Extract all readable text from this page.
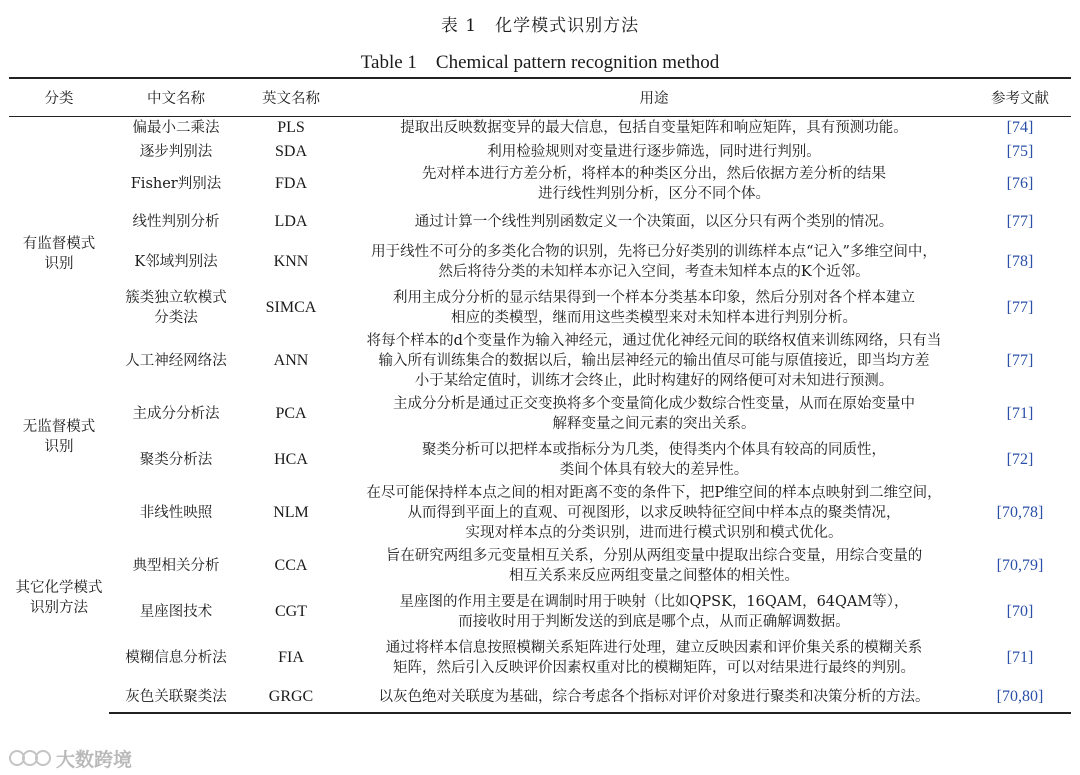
表 1　化学模式识别方法
Table 1　Chemical pattern recognition method
分类	中文名称	英文名称	用途	参考文献

有监督模式
识别	偏最小二乘法	PLS	提取出反映数据变异的最大信息，包括自变量矩阵和响应矩阵，具有预测功能。	[74]

	逐步判别法	SDA	利用检验规则对变量进行逐步筛选，同时进行判别。	[75]

	Fisher判别法	FDA	先对样本进行方差分析，将样本的种类区分出，然后依据方差分析的结果
进行线性判别分析，区分不同个体。	[76]

	线性判别分析	LDA	通过计算一个线性判别函数定义一个决策面，以区分只有两个类别的情况。	[77]

	K邻域判别法	KNN	用于线性不可分的多类化合物的识别，先将已分好类别的训练样本点“记入”多维空间中，
然后将待分类的未知样本亦记入空间，考查未知样本点的K个近邻。	[78]

	簇类独立软模式
分类法	SIMCA	利用主成分分析的显示结果得到一个样本分类基本印象，然后分别对各个样本建立
相应的类模型，继而用这些类模型来对未知样本进行判别分析。	[77]

	人工神经网络法	ANN	将每个样本的d个变量作为输入神经元，通过优化神经元间的联络权值来训练网络，只有当
输入所有训练集合的数据以后，输出层神经元的输出值尽可能与原值接近，即当均方差
小于某给定值时，训练才会终止，此时构建好的网络便可对未知进行预测。	[77]

无监督模式
识别	主成分分析法	PCA	主成分分析是通过正交变换将多个变量简化成少数综合性变量，从而在原始变量中
解释变量之间元素的突出关系。	[71]

	聚类分析法	HCA	聚类分析可以把样本或指标分为几类，使得类内个体具有较高的同质性，
类间个体具有较大的差异性。	[72]

其它化学模式
识别方法	非线性映照	NLM	在尽可能保持样本点之间的相对距离不变的条件下，把P维空间的样本点映射到二维空间，
从而得到平面上的直观、可视图形，以求反映特征空间中样本点的聚类情况，
实现对样本点的分类识别，进而进行模式识别和模式优化。	[70,78]

	典型相关分析	CCA	旨在研究两组多元变量相互关系，分别从两组变量中提取出综合变量，用综合变量的
相互关系来反应两组变量之间整体的相关性。	[70,79]

	星座图技术	CGT	星座图的作用主要是在调制时用于映射（比如QPSK，16QAM，64QAM等），
而接收时用于判断发送的到底是哪个点，从而正确解调数据。	[70]

	模糊信息分析法	FIA	通过将样本信息按照模糊关系矩阵进行处理，建立反映因素和评价集关系的模糊关系
矩阵，然后引入反映评价因素权重对比的模糊矩阵，可以对结果进行最终的判别。	[71]

	灰色关联聚类法	GRGC	以灰色绝对关联度为基础，综合考虑各个指标对评价对象进行聚类和决策分析的方法。	[70,80]
大数跨境
